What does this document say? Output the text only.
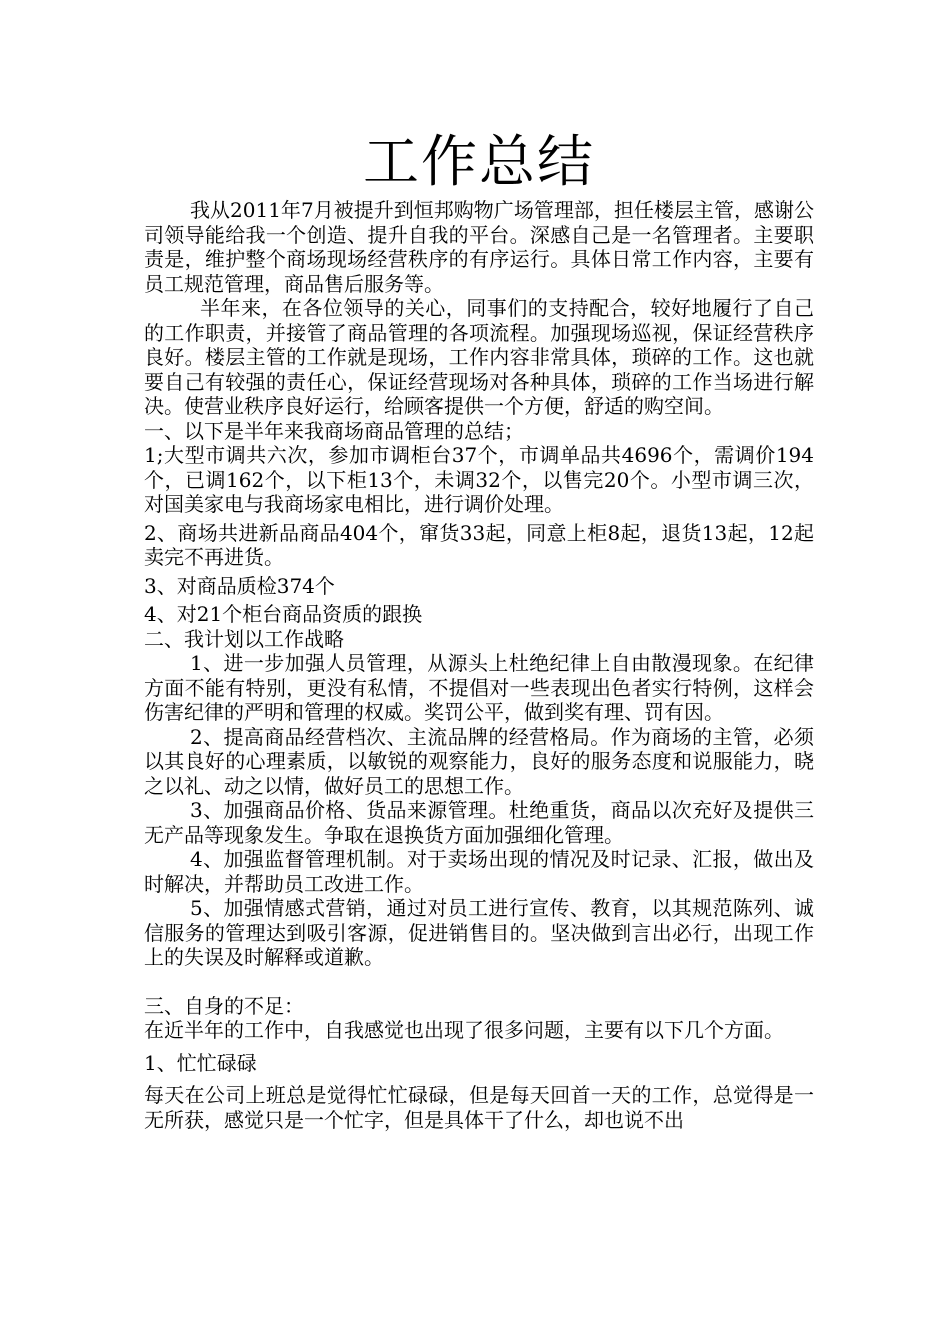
工作总结

我从2011年7月被提升到恒邦购物广场管理部，担任楼层主管，感谢公司领导能给我一个创造、提升自我的平台。深感自己是一名管理者。主要职责是，维护整个商场现场经营秩序的有序运行。具体日常工作内容，主要有员工规范管理，商品售后服务等。

半年来，在各位领导的关心，同事们的支持配合，较好地履行了自己的工作职责，并接管了商品管理的各项流程。加强现场巡视，保证经营秩序良好。楼层主管的工作就是现场，工作内容非常具体，琐碎的工作。这也就要自己有较强的责任心，保证经营现场对各种具体，琐碎的工作当场进行解决。使营业秩序良好运行，给顾客提供一个方便，舒适的购空间。

一、以下是半年来我商场商品管理的总结；

1;大型市调共六次，参加市调柜台37个，市调单品共4696个，需调价194个，已调162个，以下柜13个，未调32个，以售完20个。小型市调三次，对国美家电与我商场家电相比，进行调价处理。

2、商场共进新品商品404个，窜货33起，同意上柜8起，退货13起，12起卖完不再进货。

3、对商品质检374个

4、对21个柜台商品资质的跟换

二、我计划以工作战略

1、进一步加强人员管理，从源头上杜绝纪律上自由散漫现象。在纪律方面不能有特别，更没有私情，不提倡对一些表现出色者实行特例，这样会伤害纪律的严明和管理的权威。奖罚公平，做到奖有理、罚有因。

2、提高商品经营档次、主流品牌的经营格局。作为商场的主管，必须以其良好的心理素质，以敏锐的观察能力，良好的服务态度和说服能力，晓之以礼、动之以情，做好员工的思想工作。

3、加强商品价格、货品来源管理。杜绝重货，商品以次充好及提供三无产品等现象发生。争取在退换货方面加强细化管理。

4、加强监督管理机制。对于卖场出现的情况及时记录、汇报，做出及时解决，并帮助员工改进工作。

5、加强情感式营销，通过对员工进行宣传、教育，以其规范陈列、诚信服务的管理达到吸引客源，促进销售目的。坚决做到言出必行，出现工作上的失误及时解释或道歉。

三、自身的不足：

在近半年的工作中，自我感觉也出现了很多问题，主要有以下几个方面。

1、忙忙碌碌

每天在公司上班总是觉得忙忙碌碌，但是每天回首一天的工作，总觉得是一无所获，感觉只是一个忙字，但是具体干了什么，却也说不出
